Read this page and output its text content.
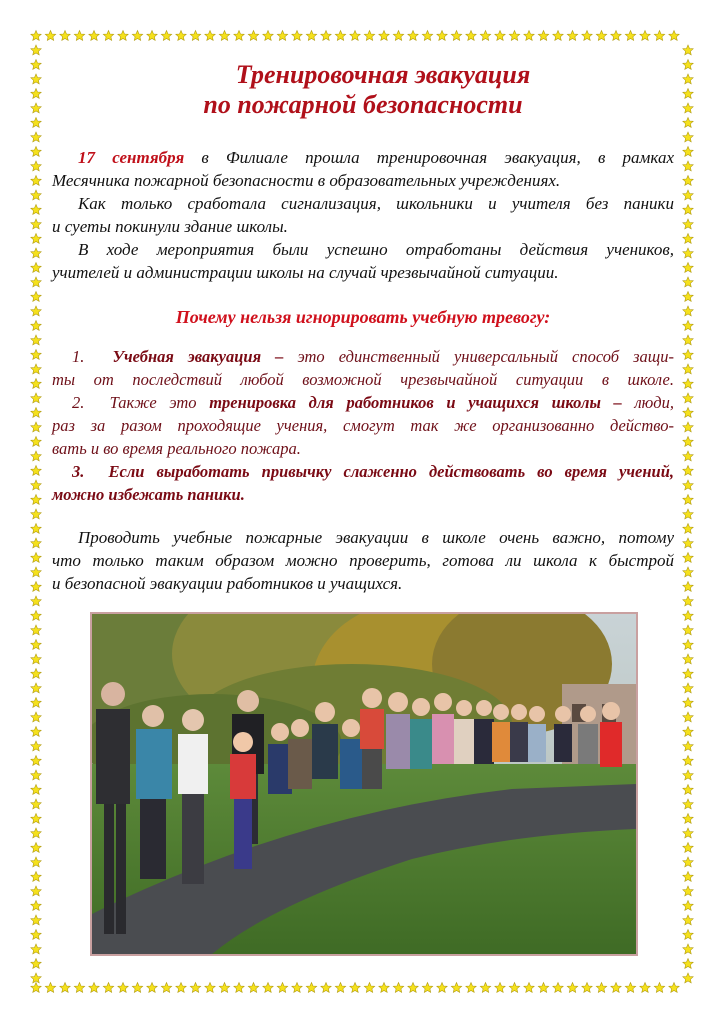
Тренировочная эвакуация
по пожарной безопасности
17 сентября в Филиале прошла тренировочная эвакуация, в рамках
Месячника пожарной безопасности в образовательных учреждениях.
Как только сработала сигнализация, школьники и учителя без паники
и суеты покинули здание школы.
В ходе мероприятия были успешно отработаны действия учеников,
учителей и администрации школы на случай чрезвычайной ситуации.
Почему нельзя игнорировать учебную тревогу:
1. Учебная эвакуация – это единственный универсальный способ защи-
ты от последствий любой возможной чрезвычайной ситуации в школе.
2. Также это тренировка для работников и учащихся школы – люди,
раз за разом проходящие учения, смогут так же организованно действо-
вать и во время реального пожара.
3. Если выработать привычку слаженно действовать во время учений,
можно избежать паники.
Проводить учебные пожарные эвакуации в школе очень важно, потому
что только таким образом можно проверить, готова ли школа к быстрой
и безопасной эвакуации работников и учащихся.
